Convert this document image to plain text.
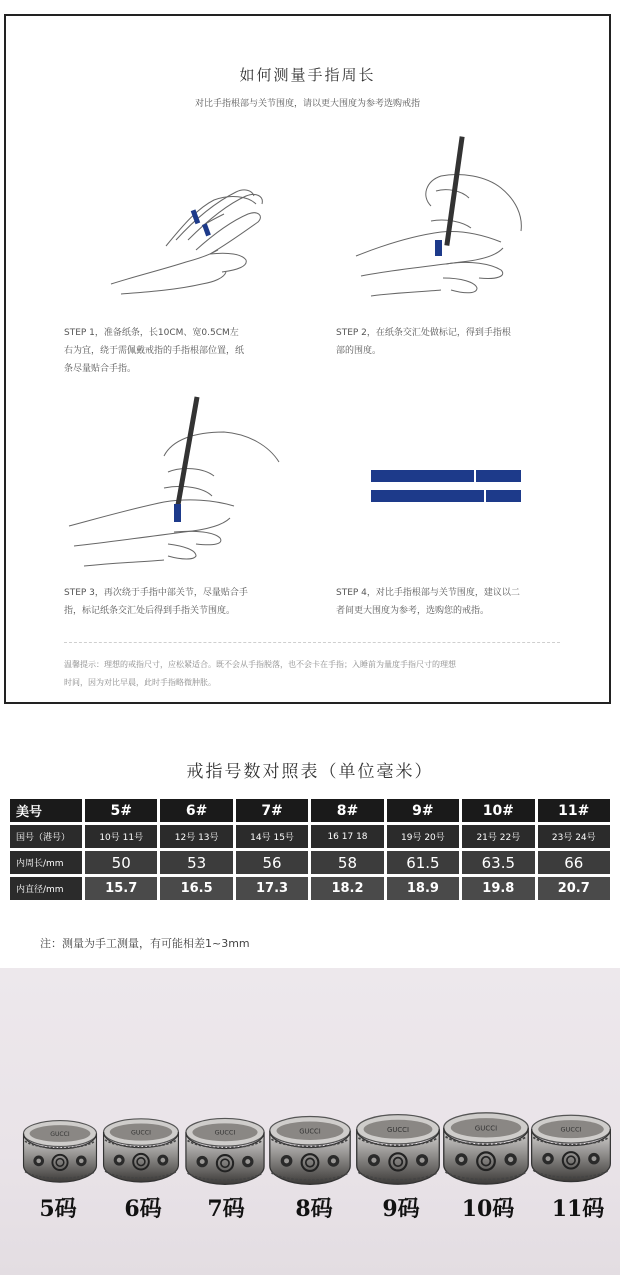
如何测量手指周长
对比手指根部与关节围度，请以更大围度为参考选购戒指
STEP 1，准备纸条，长10CM、宽0.5CM左
右为宜，绕于需佩戴戒指的手指根部位置，纸
条尽量贴合手指。
STEP 2，在纸条交汇处做标记，得到手指根
部的围度。
STEP 3，再次绕于手指中部关节，尽量贴合手
指，标记纸条交汇处后得到手指关节围度。
STEP 4，对比手指根部与关节围度，建议以二
者间更大围度为参考，选购您的戒指。
温馨提示：理想的戒指尺寸，应松紧适合。既不会从手指脱落，也不会卡在手指；入睡前为量度手指尺寸的理想
时间，因为对比早晨，此时手指略微肿胀。
戒指号数对照表（单位毫米）
美号	5#	6#	7#	8#	9#	10#	11#
国号（港号）	10号 11号	12号 13号	14号 15号	16 17 18	19号 20号	21号 22号	23号 24号
内周长/mm	50	53	56	58	61.5	63.5	66
内直径/mm	15.7	16.5	17.3	18.2	18.9	19.8	20.7
注：测量为手工测量，有可能相差1~3mm
GUCCI	GUCCI	GUCCI	GUCCI	GUCCI	GUCCI	GUCCI
5码	6码	7码	8码	9码	10码	11码
